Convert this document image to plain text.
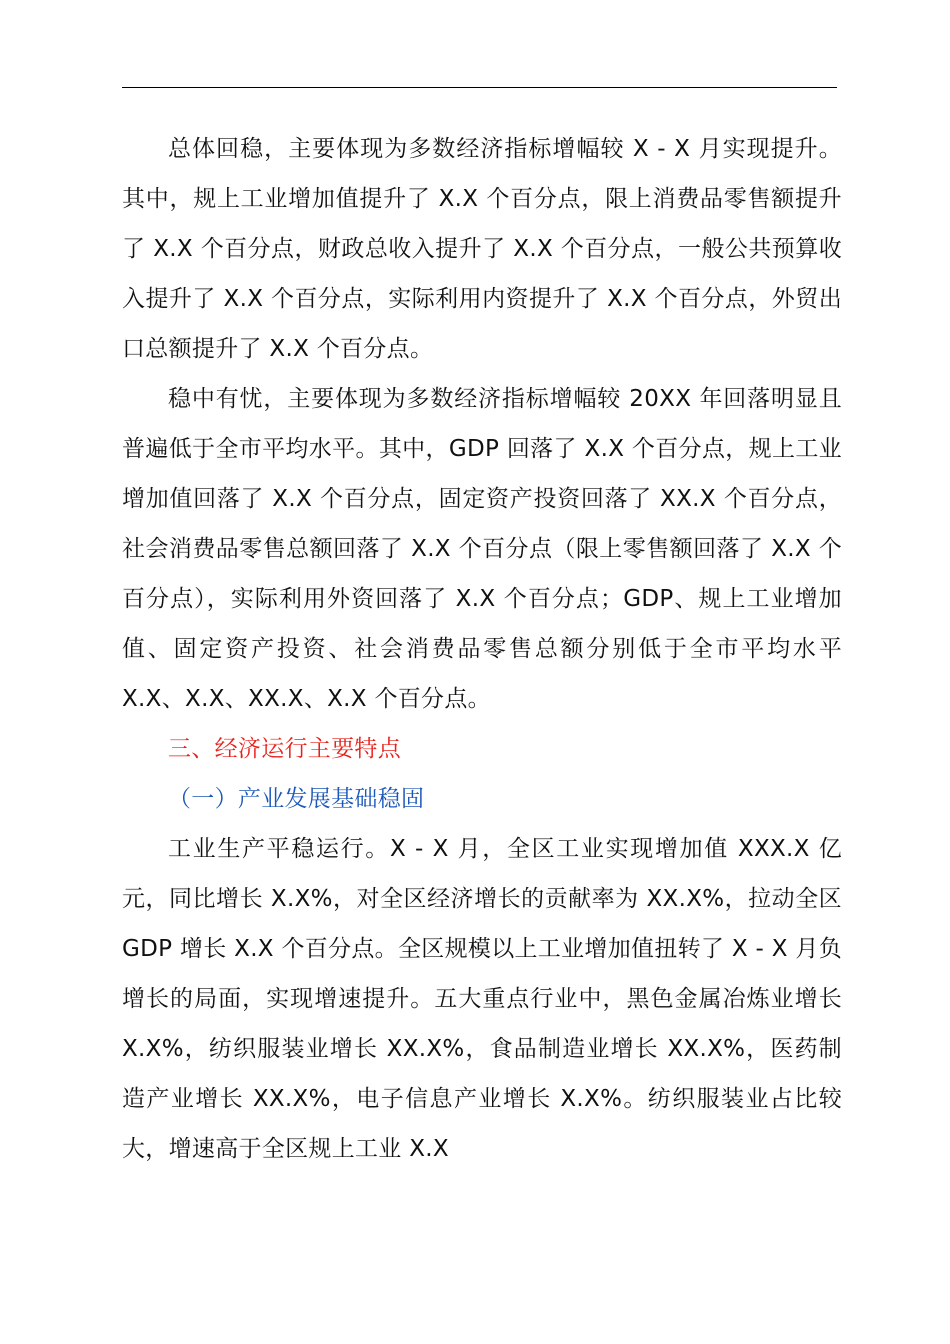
总体回稳，主要体现为多数经济指标增幅较 X - X 月实现提升。其中，规上工业增加值提升了 X.X 个百分点，限上消费品零售额提升了 X.X 个百分点，财政总收入提升了 X.X 个百分点，一般公共预算收入提升了 X.X 个百分点，实际利用内资提升了 X.X 个百分点，外贸出口总额提升了 X.X 个百分点。

稳中有忧，主要体现为多数经济指标增幅较 20XX 年回落明显且普遍低于全市平均水平。其中，GDP 回落了 X.X 个百分点，规上工业增加值回落了 X.X 个百分点，固定资产投资回落了 XX.X 个百分点，社会消费品零售总额回落了 X.X 个百分点（限上零售额回落了 X.X 个百分点），实际利用外资回落了 X.X 个百分点；GDP、规上工业增加值、固定资产投资、社会消费品零售总额分别低于全市平均水平 X.X、X.X、XX.X、X.X 个百分点。

三、经济运行主要特点

（一）产业发展基础稳固

工业生产平稳运行。X - X 月，全区工业实现增加值 XXX.X 亿元，同比增长 X.X%，对全区经济增长的贡献率为 XX.X%，拉动全区 GDP 增长 X.X 个百分点。全区规模以上工业增加值扭转了 X - X 月负增长的局面，实现增速提升。五大重点行业中，黑色金属冶炼业增长 X.X%，纺织服装业增长 XX.X%，食品制造业增长 XX.X%，医药制造产业增长 XX.X%，电子信息产业增长 X.X%。纺织服装业占比较大，增速高于全区规上工业 X.X
